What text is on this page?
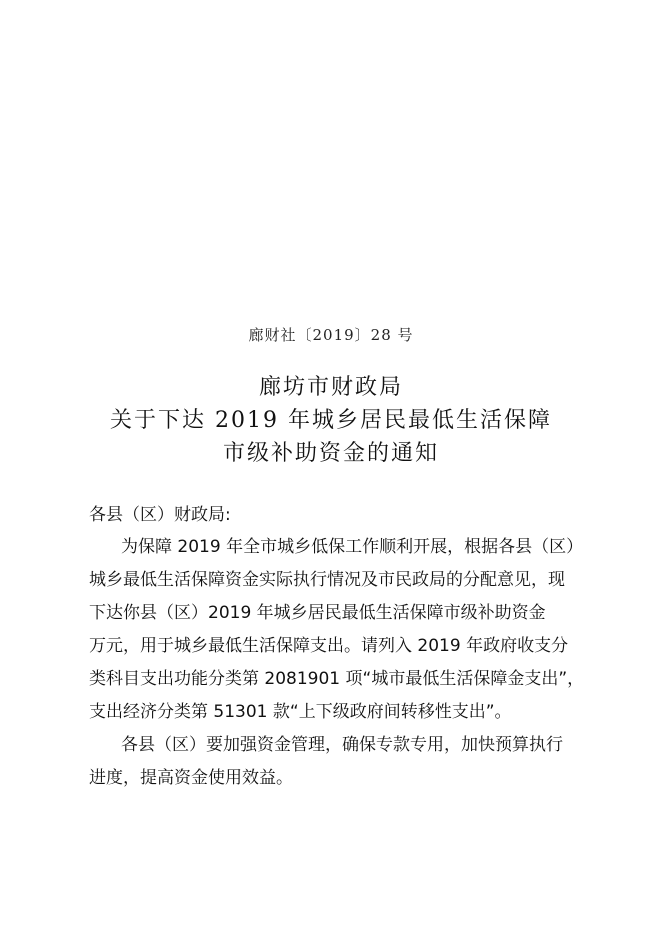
廊财社〔2019〕28 号
廊坊市财政局
关于下达 2019 年城乡居民最低生活保障
市级补助资金的通知
各县（区）财政局:
为保障 2019 年全市城乡低保工作顺利开展，根据各县（区）
城乡最低生活保障资金实际执行情况及市民政局的分配意见，现
下达你县（区）2019 年城乡居民最低生活保障市级补助资金
万元，用于城乡最低生活保障支出。请列入 2019 年政府收支分
类科目支出功能分类第 2081901 项“城市最低生活保障金支出”，
支出经济分类第 51301 款“上下级政府间转移性支出”。
各县（区）要加强资金管理，确保专款专用，加快预算执行
进度，提高资金使用效益。
